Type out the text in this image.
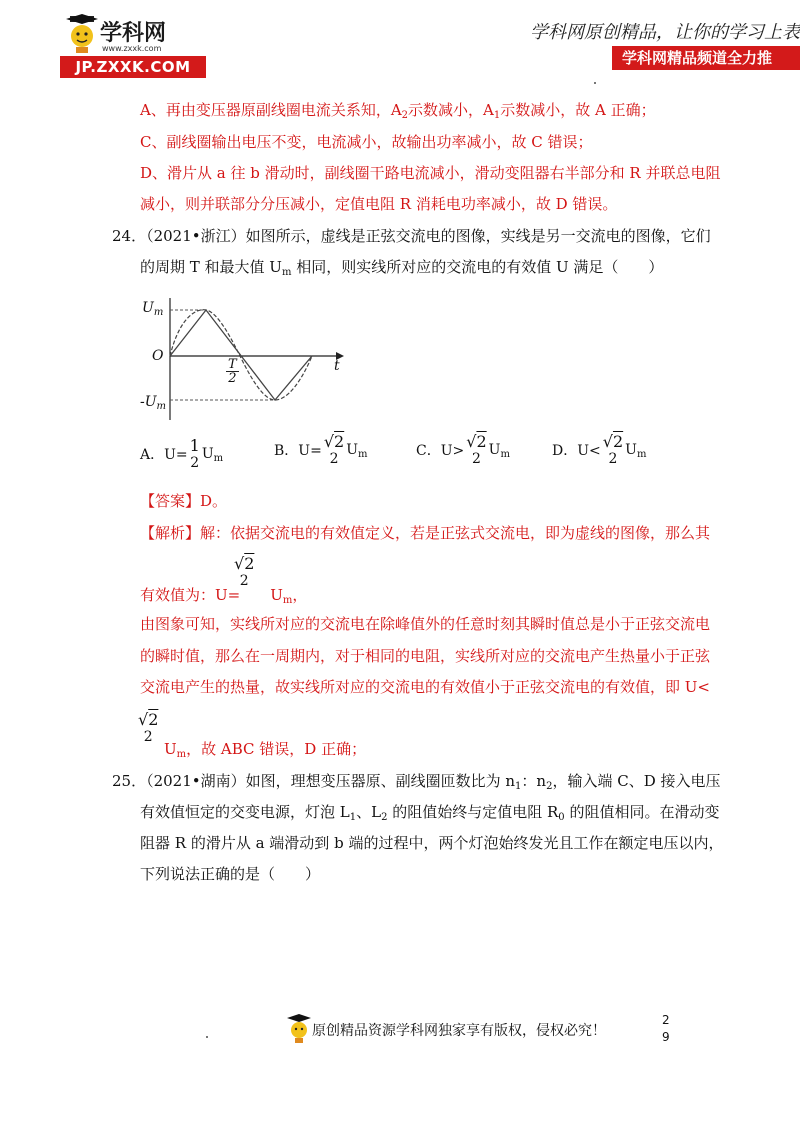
学科网
www.zxxk.com
JP.ZXXK.COM
学科网原创精品，让你的学习上表
学科网精品频道全力推
A、再由变压器原副线圈电流关系知，$A_2$示数减小，$A_1$示数减小，故 A 正确；
C、副线圈输出电压不变，电流减小，故输出功率减小，故 C 错误；
D、滑片从 a 往 b 滑动时，副线圈干路电流减小，滑动变阻器右半部分和 R 并联总电阻
减小，则并联部分分压减小，定值电阻 R 消耗电功率减小，故 D 错误。
24．（2021•浙江）如图所示，虚线是正弦交流电的图像，实线是另一交流电的图像，它们
的周期 T 和最大值 $U_m$ 相同，则实线所对应的交流电的有效值 U 满足（　　）
$U_m$
O
t
T
2
$-U_m$
A．U= 1
2
$U_m$	B．U= √2
2
$U_m$	C．U> √2
2
$U_m$	D．U< √2
2
$U_m$
【答案】D。
【解析】解：依据交流电的有效值定义，若是正弦式交流电，即为虚线的图像，那么其
√2
2
有效值为：$U= U_m$，
由图象可知，实线所对应的交流电在除峰值外的任意时刻其瞬时值总是小于正弦交流电
的瞬时值，那么在一周期内，对于相同的电阻，实线所对应的交流电产生热量小于正弦
交流电产生的热量，故实线所对应的交流电的有效值小于正弦交流电的有效值，即 U<
√2
2
$U_m$，故 ABC 错误，D 正确；
25．（2021•湖南）如图，理想变压器原、副线圈匝数比为 $n_1$：$n_2$，输入端 C、D 接入电压
有效值恒定的交变电源，灯泡 $L_1$、$L_2$ 的阻值始终与定值电阻 $R_0$ 的阻值相同。在滑动变
阻器 R 的滑片从 a 端滑动到 b 端的过程中，两个灯泡始终发光且工作在额定电压以内，
下列说法正确的是（　　）
原创精品资源学科网独家享有版权，侵权必究！
2
9
